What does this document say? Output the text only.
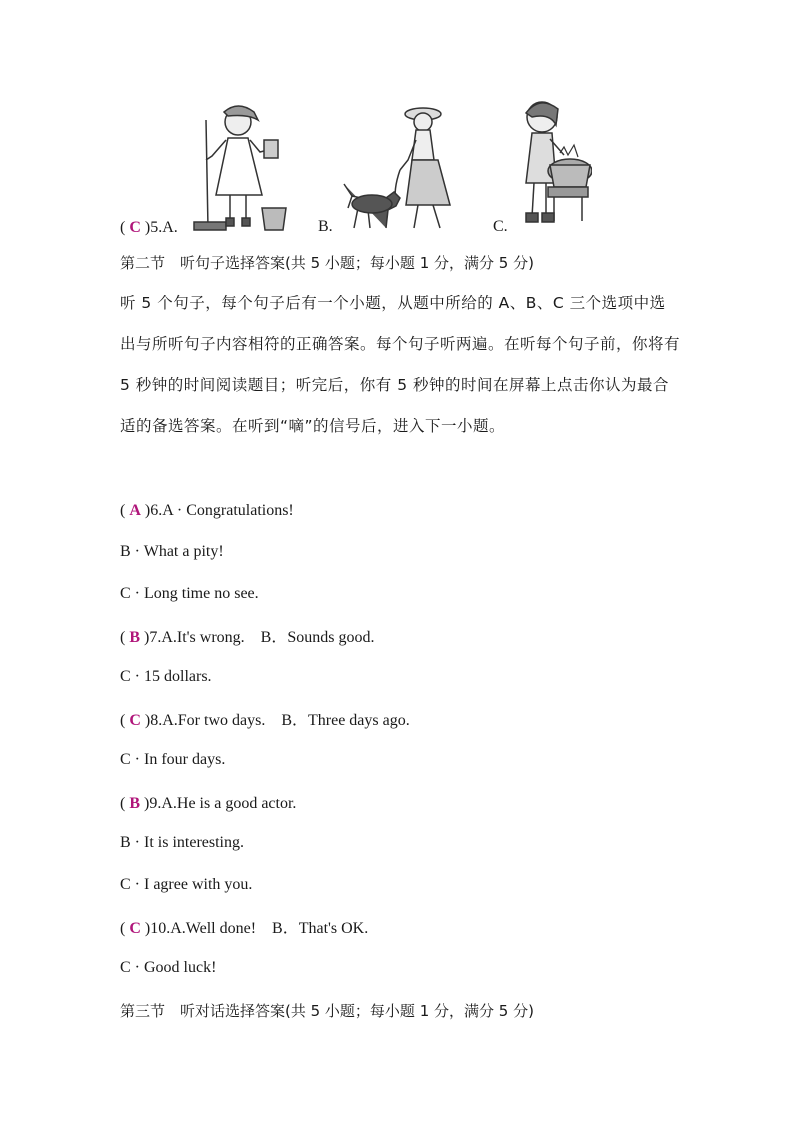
( C )5.A.	B.	C.
第二节　听句子选择答案(共 5 小题；每小题 1 分，满分 5 分)
听 5 个句子，每个句子后有一个小题，从题中所给的 A、B、C 三个选项中选出与所听句子内容相符的正确答案。每个句子听两遍。在听每个句子前，你将有 5 秒钟的时间阅读题目；听完后，你有 5 秒钟的时间在屏幕上点击你认为最合适的备选答案。在听到“嘀”的信号后，进入下一小题。
( A )6.A · Congratulations!
B · What a pity!
C · Long time no see.
( B )7.A.It's wrong.　B．Sounds good.
C · 15 dollars.
( C )8.A.For two days.　B．Three days ago.
C · In four days.
( B )9.A.He is a good actor.
B · It is interesting.
C · I agree with you.
( C )10.A.Well done!　B．That's OK.
C · Good luck!
第三节　听对话选择答案(共 5 小题；每小题 1 分，满分 5 分)
